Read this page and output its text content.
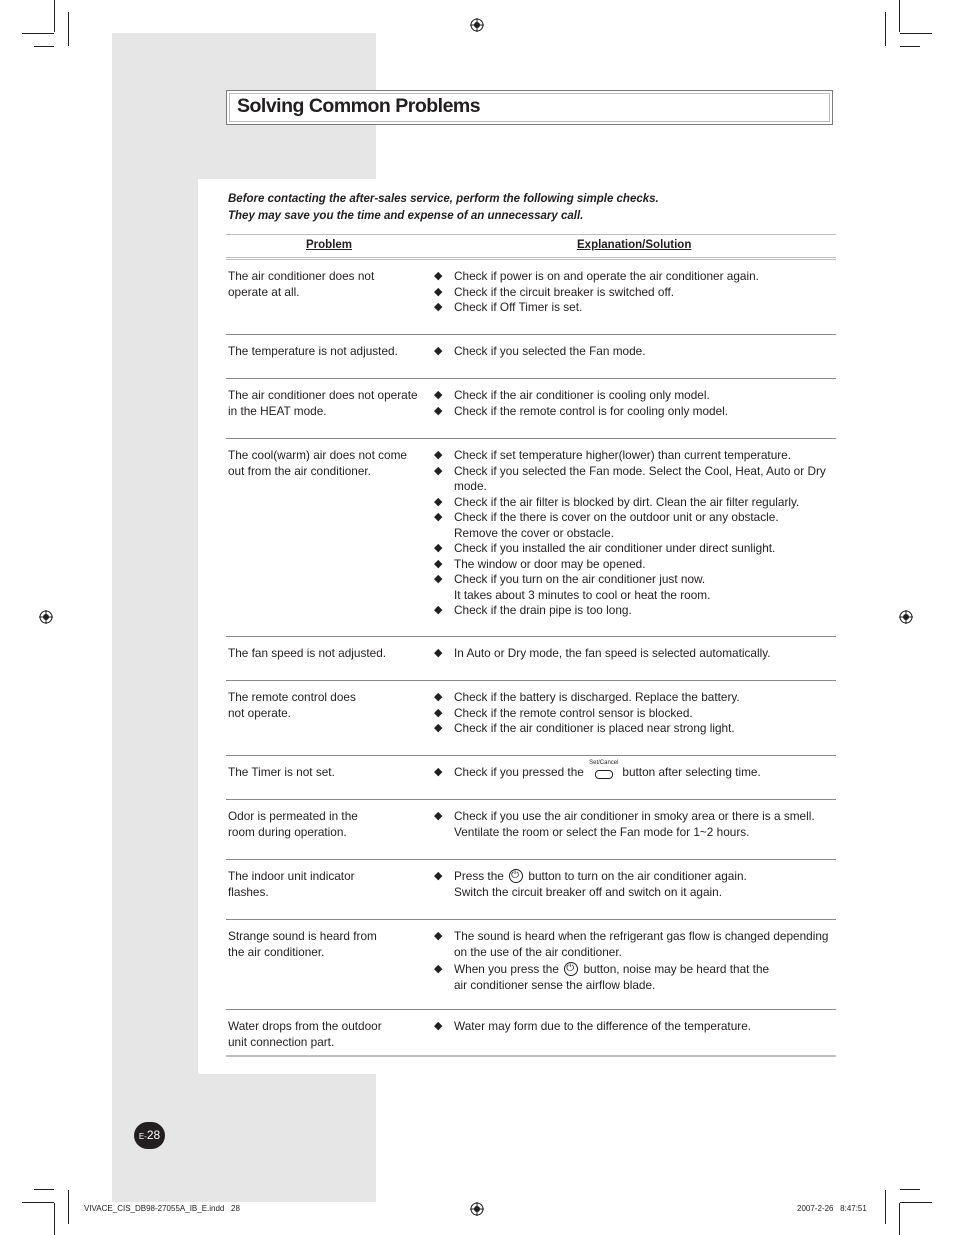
Solving Common Problems
Before contacting the after-sales service, perform the following simple checks.
They may save you the time and expense of an unnecessary call.
Problem	Explanation/Solution
The air conditioner does not
operate at all.
◆ Check if power is on and operate the air conditioner again.
◆ Check if the circuit breaker is switched off.
◆ Check if Off Timer is set.
The temperature is not adjusted.	◆ Check if you selected the Fan mode.
The air conditioner does not operate
in the HEAT mode.
◆ Check if the air conditioner is cooling only model.
◆ Check if the remote control is for cooling only model.
The cool(warm) air does not come
out from the air conditioner.
◆ Check if set temperature higher(lower) than current temperature.
◆ Check if you selected the Fan mode. Select the Cool, Heat, Auto or Dry
mode.
◆ Check if the air filter is blocked by dirt. Clean the air filter regularly.
◆ Check if the there is cover on the outdoor unit or any obstacle.
Remove the cover or obstacle.
◆ Check if you installed the air conditioner under direct sunlight.
◆ The window or door may be opened.
◆ Check if you turn on the air conditioner just now.
It takes about 3 minutes to cool or heat the room.
◆ Check if the drain pipe is too long.
The fan speed is not adjusted.	◆ In Auto or Dry mode, the fan speed is selected automatically.
The remote control does
not operate.
◆ Check if the battery is discharged. Replace the battery.
◆ Check if the remote control sensor is blocked.
◆ Check if the air conditioner is placed near strong light.
The Timer is not set.	◆ Check if you pressed the
Set/Cancel
button after selecting time.
Odor is permeated in the
room during operation.
◆ Check if you use the air conditioner in smoky area or there is a smell.
Ventilate the room or select the Fan mode for 1~2 hours.
The indoor unit indicator
flashes.
◆ Press the ⏻ button to turn on the air conditioner again.
Switch the circuit breaker off and switch on it again.
Strange sound is heard from
the air conditioner.
◆ The sound is heard when the refrigerant gas flow is changed depending
on the use of the air conditioner.
◆ When you press the ⏻ button, noise may be heard that the
air conditioner sense the airflow blade.
Water drops from the outdoor
unit connection part.
◆ Water may form due to the difference of the temperature.
E-28
VIVACE_CIS_DB98-27055A_IB_E.indd   28	2007-2-26   8:47:51
